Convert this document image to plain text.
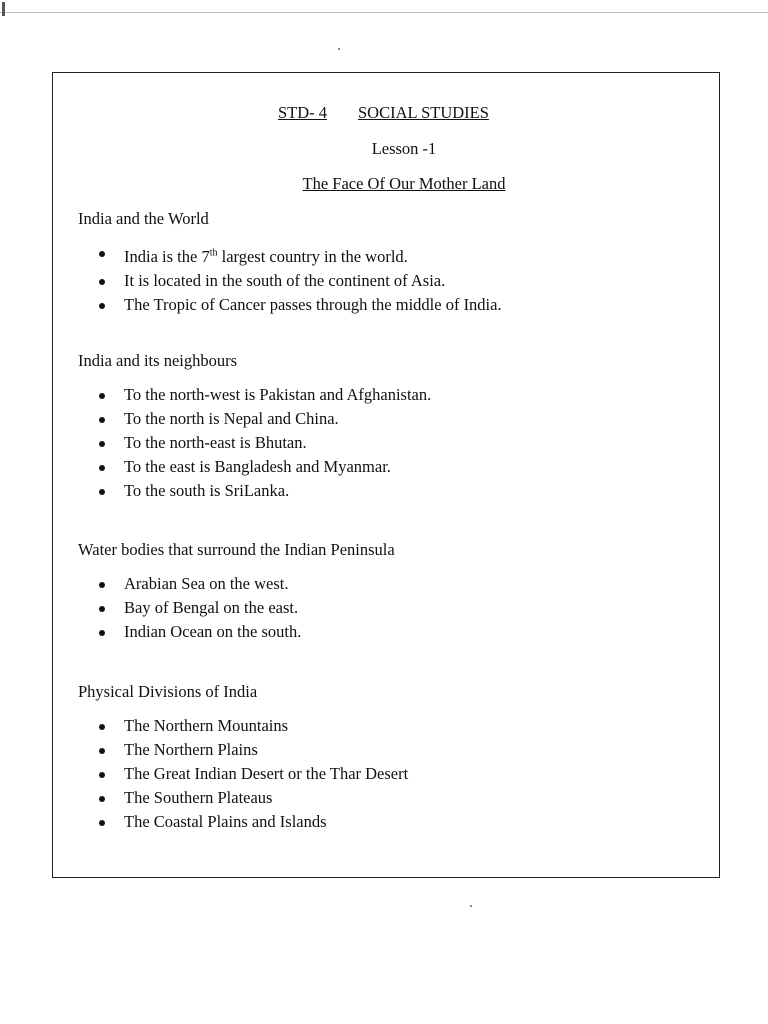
STD- 4 SOCIAL STUDIES
Lesson -1
The Face Of Our Mother Land

India and the World

India is the 7th largest country in the world.
It is located in the south of the continent of Asia.
The Tropic of Cancer passes through the middle of India.

India and its neighbours

To the north-west is Pakistan and Afghanistan.
To the north is Nepal and China.
To the north-east is Bhutan.
To the east is Bangladesh and Myanmar.
To the south is SriLanka.

Water bodies that surround the Indian Peninsula

Arabian Sea on the west.
Bay of Bengal on the east.
Indian Ocean on the south.

Physical Divisions of India

The Northern Mountains
The Northern Plains
The Great Indian Desert or the Thar Desert
The Southern Plateaus
The Coastal Plains and Islands
